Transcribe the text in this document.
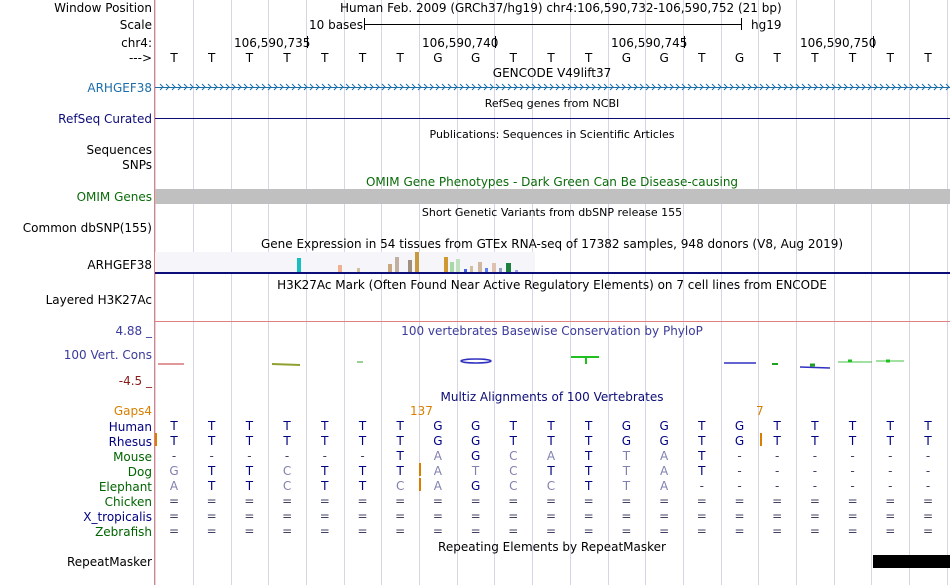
Window Position	Human Feb. 2009 (GRCh37/hg19) chr4:106,590,732-106,590,752 (21 bp)
Scale	10 bases	hg19
chr4:	106,590,735	106,590,740	106,590,745	106,590,750
---> T	T	T	T	T	T	T G G T	T	T G G T G T	T	T	T	T
GENCODE V49lift37
ARHGEF38
RefSeq genes from NCBI
RefSeq Curated
Publications: Sequences in Scientific Articles
Sequences
SNPs
OMIM Gene Phenotypes - Dark Green Can Be Disease-causing
OMIM Genes
Short Genetic Variants from dbSNP release 155
Common dbSNP(155)
Gene Expression in 54 tissues from GTEx RNA-seq of 17382 samples, 948 donors (V8, Aug 2019)
ARHGEF38
H3K27Ac Mark (Often Found Near Active Regulatory Elements) on 7 cell lines from ENCODE
Layered H3K27Ac
100 vertebrates Basewise Conservation by PhyloP
4.88 _
100 Vert. Cons
-4.5 _
Multiz Alignments of 100 Vertebrates
Gaps4	137	7
Human T	T	T	T	T	T	T G G T	T	T G G T G T	T	T	T	T
Rhesus T	T	T	T	T	T	T G G T	T	T G G T G T	T	T	T	T
Mouse -	-	-	-	-	-	T A G C A T	T A T	-	-	-	-	-	-
Dog G T	T C T	T	T A T C T	T	T A T	-	-	-	-	-	-
Elephant A T	T C T	T C A G C C T	T A	-	-	-	-	-	-	-
Chicken = = = = = = = = = = = = = = = = = = = = =
X_tropicalis = = = = = = = = = = = = = = = = = = = = =
Zebrafish = = = = = = = = = = = = = = = = = = = = =
Repeating Elements by RepeatMasker
RepeatMasker
